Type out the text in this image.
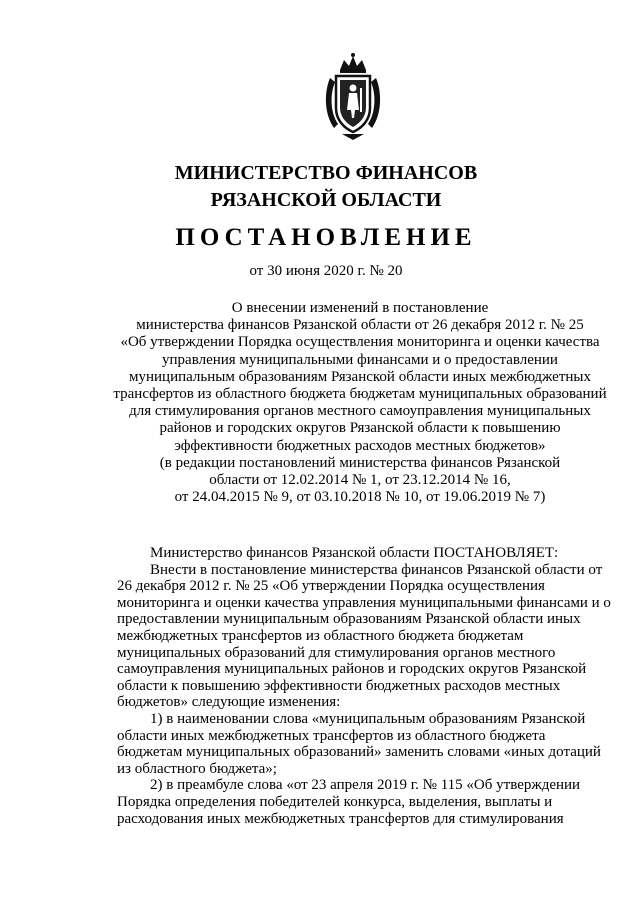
МИНИСТЕРСТВО ФИНАНСОВ
РЯЗАНСКОЙ ОБЛАСТИ
ПОСТАНОВЛЕНИЕ
от 30 июня 2020 г. № 20
О внесении изменений в постановление
министерства финансов Рязанской области от 26 декабря 2012 г. № 25
«Об утверждении Порядка осуществления мониторинга и оценки качества
управления муниципальными финансами и о предоставлении
муниципальным образованиям Рязанской области иных межбюджетных
трансфертов из областного бюджета бюджетам муниципальных образований
для стимулирования органов местного самоуправления муниципальных
районов и городских округов Рязанской области к повышению
эффективности бюджетных расходов местных бюджетов»
(в редакции постановлений министерства финансов Рязанской
области от 12.02.2014 № 1, от 23.12.2014 № 16,
от 24.04.2015 № 9, от 03.10.2018 № 10, от 19.06.2019 № 7)
Министерство финансов Рязанской области ПОСТАНОВЛЯЕТ:
Внести в постановление министерства финансов Рязанской области от
26 декабря 2012 г. № 25 «Об утверждении Порядка осуществления
мониторинга и оценки качества управления муниципальными финансами и о
предоставлении муниципальным образованиям Рязанской области иных
межбюджетных трансфертов из областного бюджета бюджетам
муниципальных образований для стимулирования органов местного
самоуправления муниципальных районов и городских округов Рязанской
области к повышению эффективности бюджетных расходов местных
бюджетов» следующие изменения:
1) в наименовании слова «муниципальным образованиям Рязанской
области иных межбюджетных трансфертов из областного бюджета
бюджетам муниципальных образований» заменить словами «иных дотаций
из областного бюджета»;
2) в преамбуле слова «от 23 апреля 2019 г. № 115 «Об утверждении
Порядка определения победителей конкурса, выделения, выплаты и
расходования иных межбюджетных трансфертов для стимулирования
